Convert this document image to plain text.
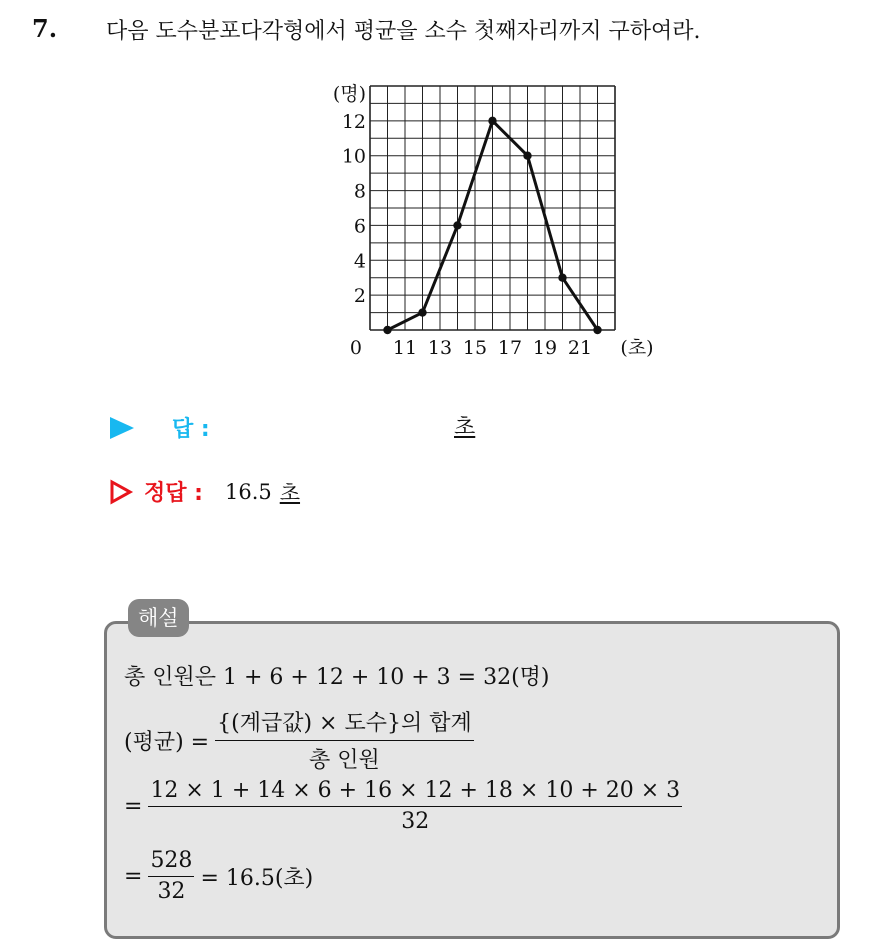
7. 다음 도수분포다각형에서 평균을 소수 첫째자리까지 구하여라.
2
4
6
8
10
12
(명)
0 11 13 15 17 19 21 (초)
답 :	초
정답 : 16.5 초
해설
총 인원은 1 + 6 + 12 + 10 + 3 = 32(명)
(평균) = $\frac{\text{\{(계급값) × 도수\}의 합계}}{\text{총 인원}}$
= $\frac{12 \times 1 + 14 \times 6 + 16 \times 12 + 18 \times 10 + 20 \times 3}{32}$
= $\frac{528}{32} = 16.5$(초)
